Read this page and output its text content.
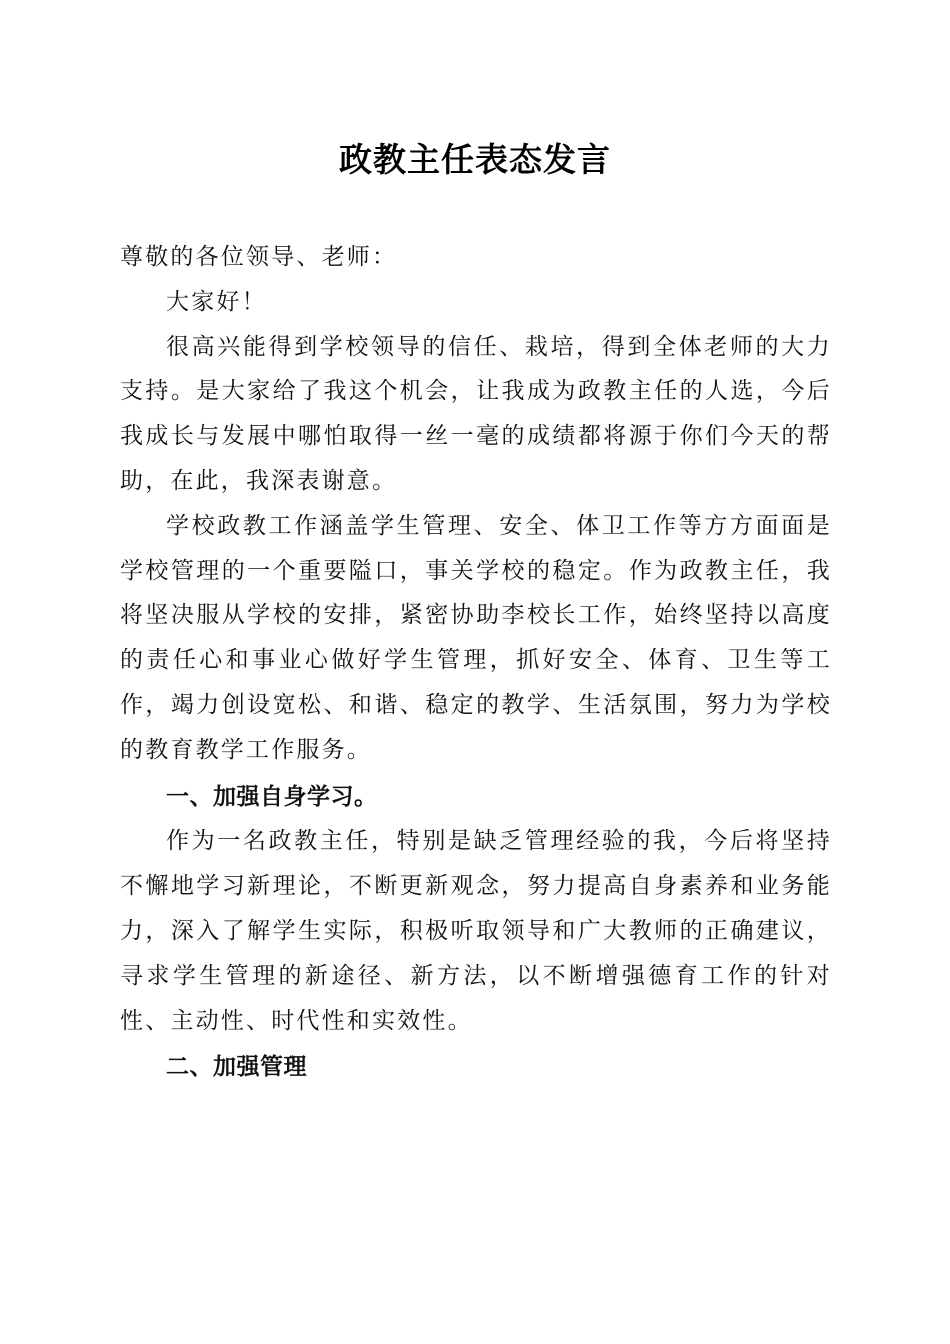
政教主任表态发言

尊敬的各位领导、老师：

大家好！

很高兴能得到学校领导的信任、栽培，得到全体老师的大力支持。是大家给了我这个机会，让我成为政教主任的人选，今后我成长与发展中哪怕取得一丝一毫的成绩都将源于你们今天的帮助，在此，我深表谢意。

学校政教工作涵盖学生管理、安全、体卫工作等方方面面是学校管理的一个重要隘口，事关学校的稳定。作为政教主任，我将坚决服从学校的安排，紧密协助李校长工作，始终坚持以高度的责任心和事业心做好学生管理，抓好安全、体育、卫生等工作，竭力创设宽松、和谐、稳定的教学、生活氛围，努力为学校的教育教学工作服务。

一、加强自身学习。

作为一名政教主任，特别是缺乏管理经验的我，今后将坚持不懈地学习新理论，不断更新观念，努力提高自身素养和业务能力，深入了解学生实际，积极听取领导和广大教师的正确建议，寻求学生管理的新途径、新方法，以不断增强德育工作的针对性、主动性、时代性和实效性。

二、加强管理
